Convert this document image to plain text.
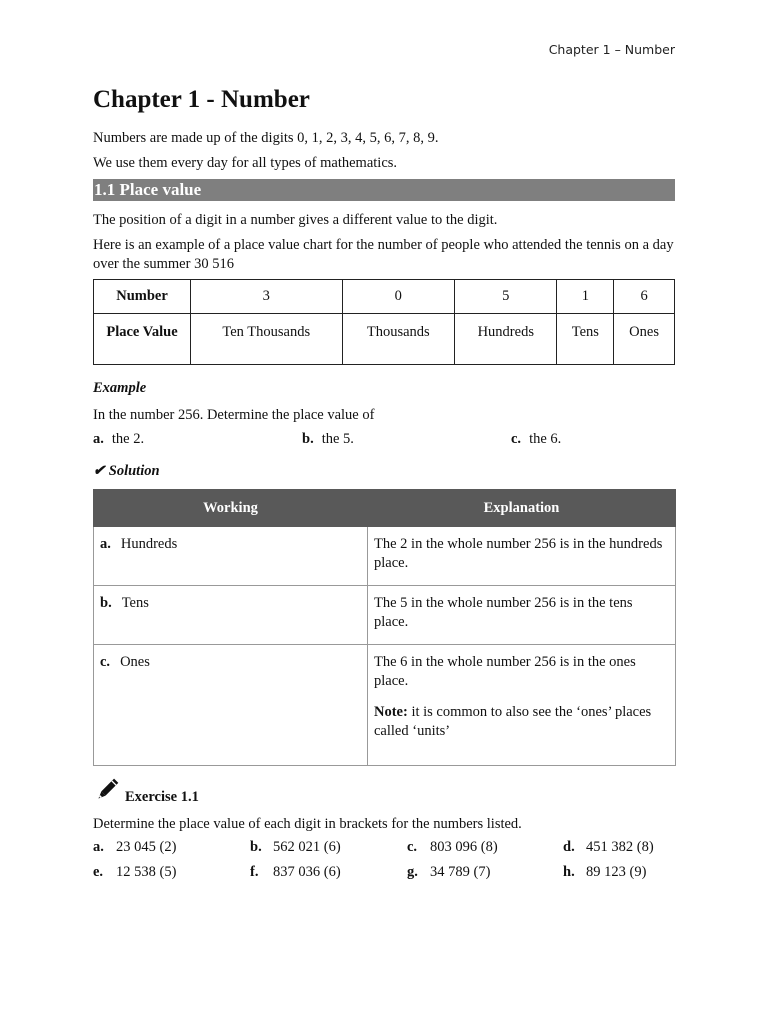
Chapter 1 – Number
Chapter 1 - Number

Numbers are made up of the digits 0, 1, 2, 3, 4, 5, 6, 7, 8, 9.

We use them every day for all types of mathematics.

1.1 Place value

The position of a digit in a number gives a different value to the digit.

Here is an example of a place value chart for the number of people who attended the tennis on a day over the summer 30 516

Number	3	0	5	1	6
Place Value	Ten Thousands	Thousands	Hundreds	Tens	Ones
Example

In the number 256. Determine the place value of

a. the 2.	b. the 5.	c. the 6.
✔ Solution
Working	Explanation
a. Hundreds	The 2 in the whole number 256 is in the hundreds place.
b. Tens	The 5 in the whole number 256 is in the tens place.
c. Ones	The 6 in the whole number 256 is in the ones place.
Note: it is common to also see the ‘ones’ places called ‘units’
Exercise 1.1

Determine the place value of each digit in brackets for the numbers listed.

a. 23 045 (2)	b. 562 021 (6)	c. 803 096 (8)	d. 451 382 (8)
e. 12 538 (5)	f. 837 036 (6)	g. 34 789 (7)	h. 89 123 (9)
